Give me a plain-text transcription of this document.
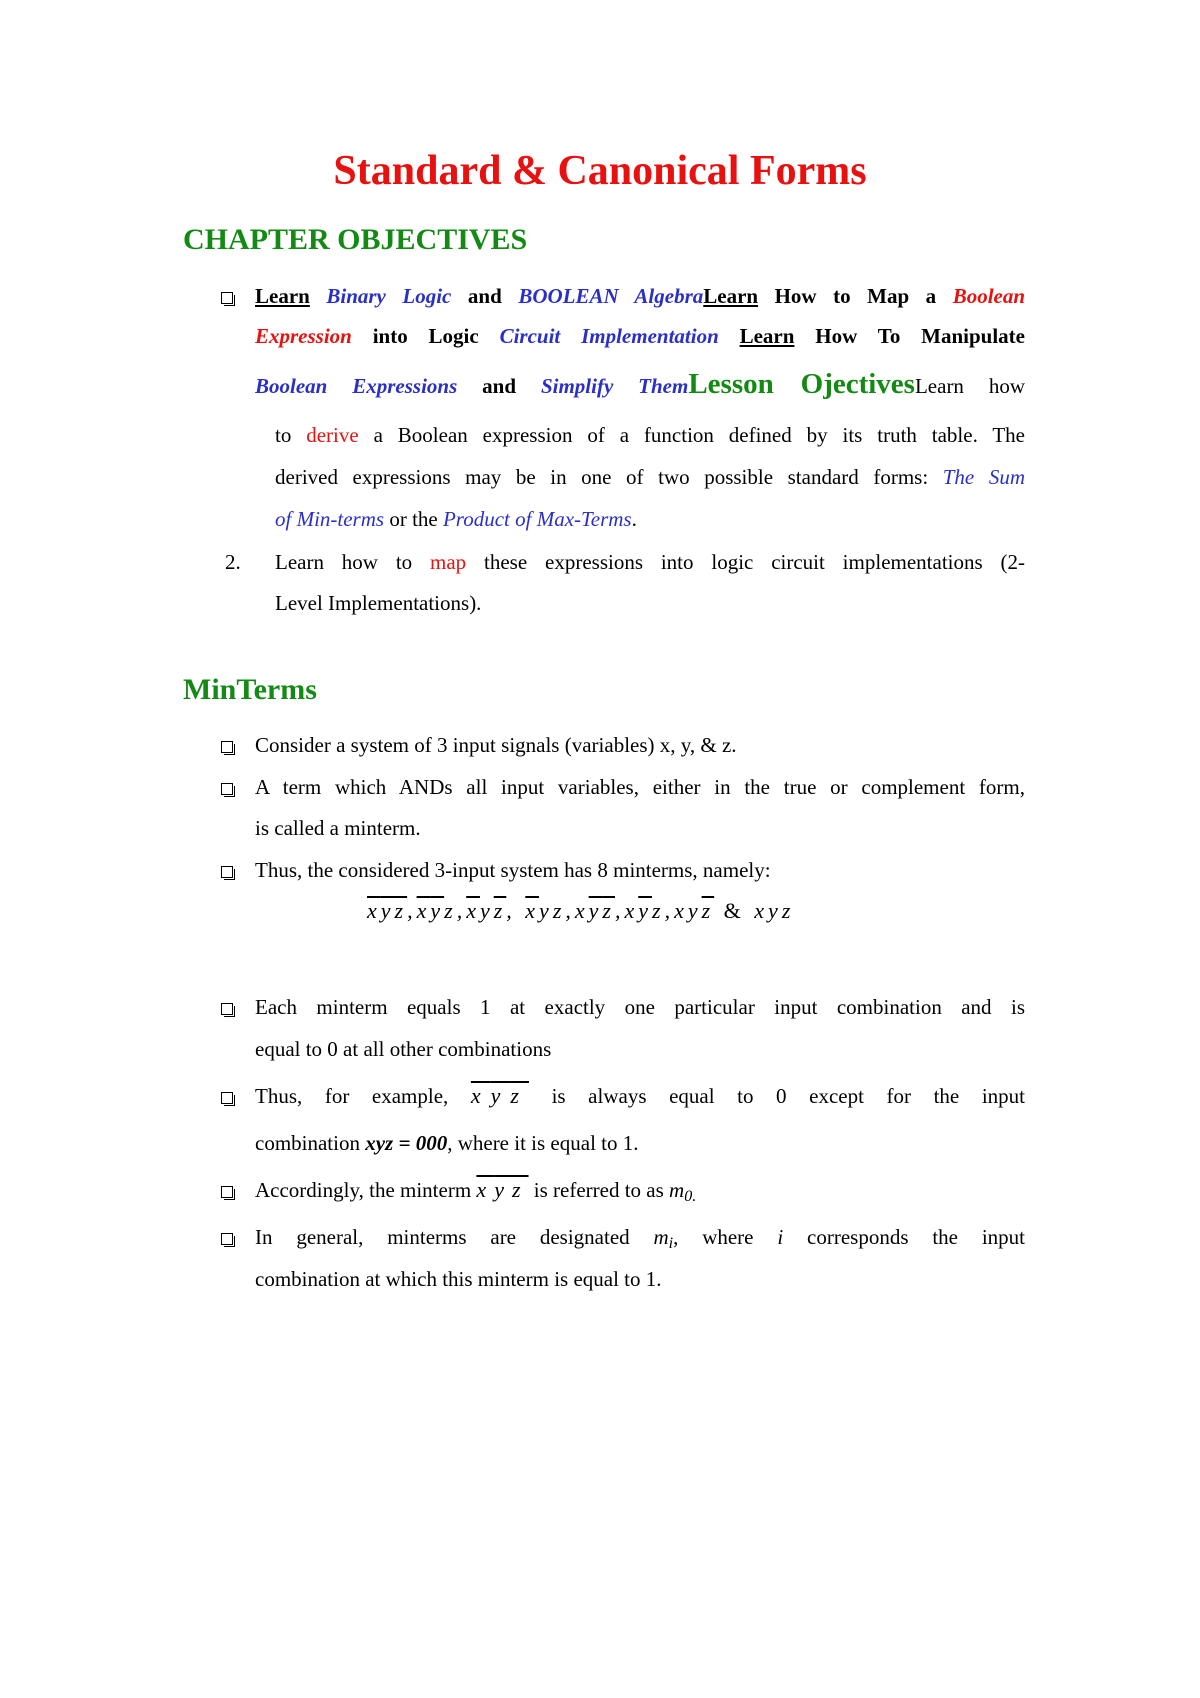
Standard & Canonical Forms
CHAPTER OBJECTIVES
Learn Binary Logic and BOOLEAN AlgebraLearn How to Map a Boolean
Expression into Logic Circuit Implementation Learn How To Manipulate
Boolean Expressions and Simplify ThemLesson OjectivesLearn how
to derive a Boolean expression of a function defined by its truth table. The
derived expressions may be in one of two possible standard forms: The Sum
of Min-terms or the Product of Max-Terms.
2. Learn how to map these expressions into logic circuit implementations (2-
Level Implementations).
MinTerms
Consider a system of 3 input signals (variables) x, y, & z.
A term which ANDs all input variables, either in the true or complement form,
is called a minterm.
Thus, the considered 3-input system has 8 minterms, namely:
$\overline{x}\overline{y}\overline{z},\overline{x}\overline{y}z,\overline{x}y\overline{z}$, $\overline{x}yz,x\overline{y}\overline{z},x\overline{y}z,xy\overline{z}$ & xyz
Each minterm equals 1 at exactly one particular input combination and is
equal to 0 at all other combinations
Thus, for example, $\overline{x}\overline{y}\overline{z}$ is always equal to 0 except for the input
combination xyz = 000, where it is equal to 1.
Accordingly, the minterm $\overline{x}\overline{y}\overline{z}$ is referred to as $m_{0.}$
In general, minterms are designated $m_i$, where i corresponds the input
combination at which this minterm is equal to 1.
